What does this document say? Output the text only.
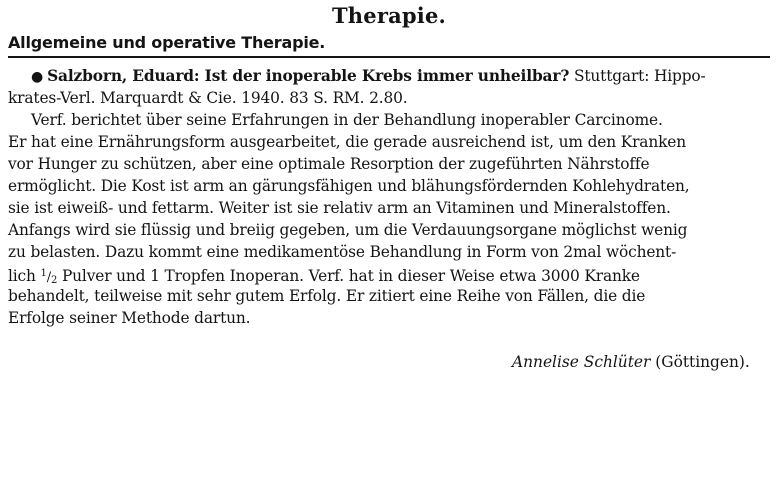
Therapie.
Allgemeine und operative Therapie.
● Salzborn, Eduard: Ist der inoperable Krebs immer unheilbar? Stuttgart: Hippo-
krates-Verl. Marquardt & Cie. 1940. 83 S. RM. 2.80.
Verf. berichtet über seine Erfahrungen in der Behandlung inoperabler Carcinome.
Er hat eine Ernährungsform ausgearbeitet, die gerade ausreichend ist, um den Kranken
vor Hunger zu schützen, aber eine optimale Resorption der zugeführten Nährstoffe
ermöglicht. Die Kost ist arm an gärungsfähigen und blähungsfördernden Kohlehydraten,
sie ist eiweiß- und fettarm. Weiter ist sie relativ arm an Vitaminen und Mineralstoffen.
Anfangs wird sie flüssig und breiig gegeben, um die Verdauungsorgane möglichst wenig
zu belasten. Dazu kommt eine medikamentöse Behandlung in Form von 2mal wöchent-
lich $^1/_2$ Pulver und 1 Tropfen Inoperan. Verf. hat in dieser Weise etwa 3000 Kranke
behandelt, teilweise mit sehr gutem Erfolg. Er zitiert eine Reihe von Fällen, die die
Erfolge seiner Methode dartun.
Annelise Schlüter (Göttingen).
